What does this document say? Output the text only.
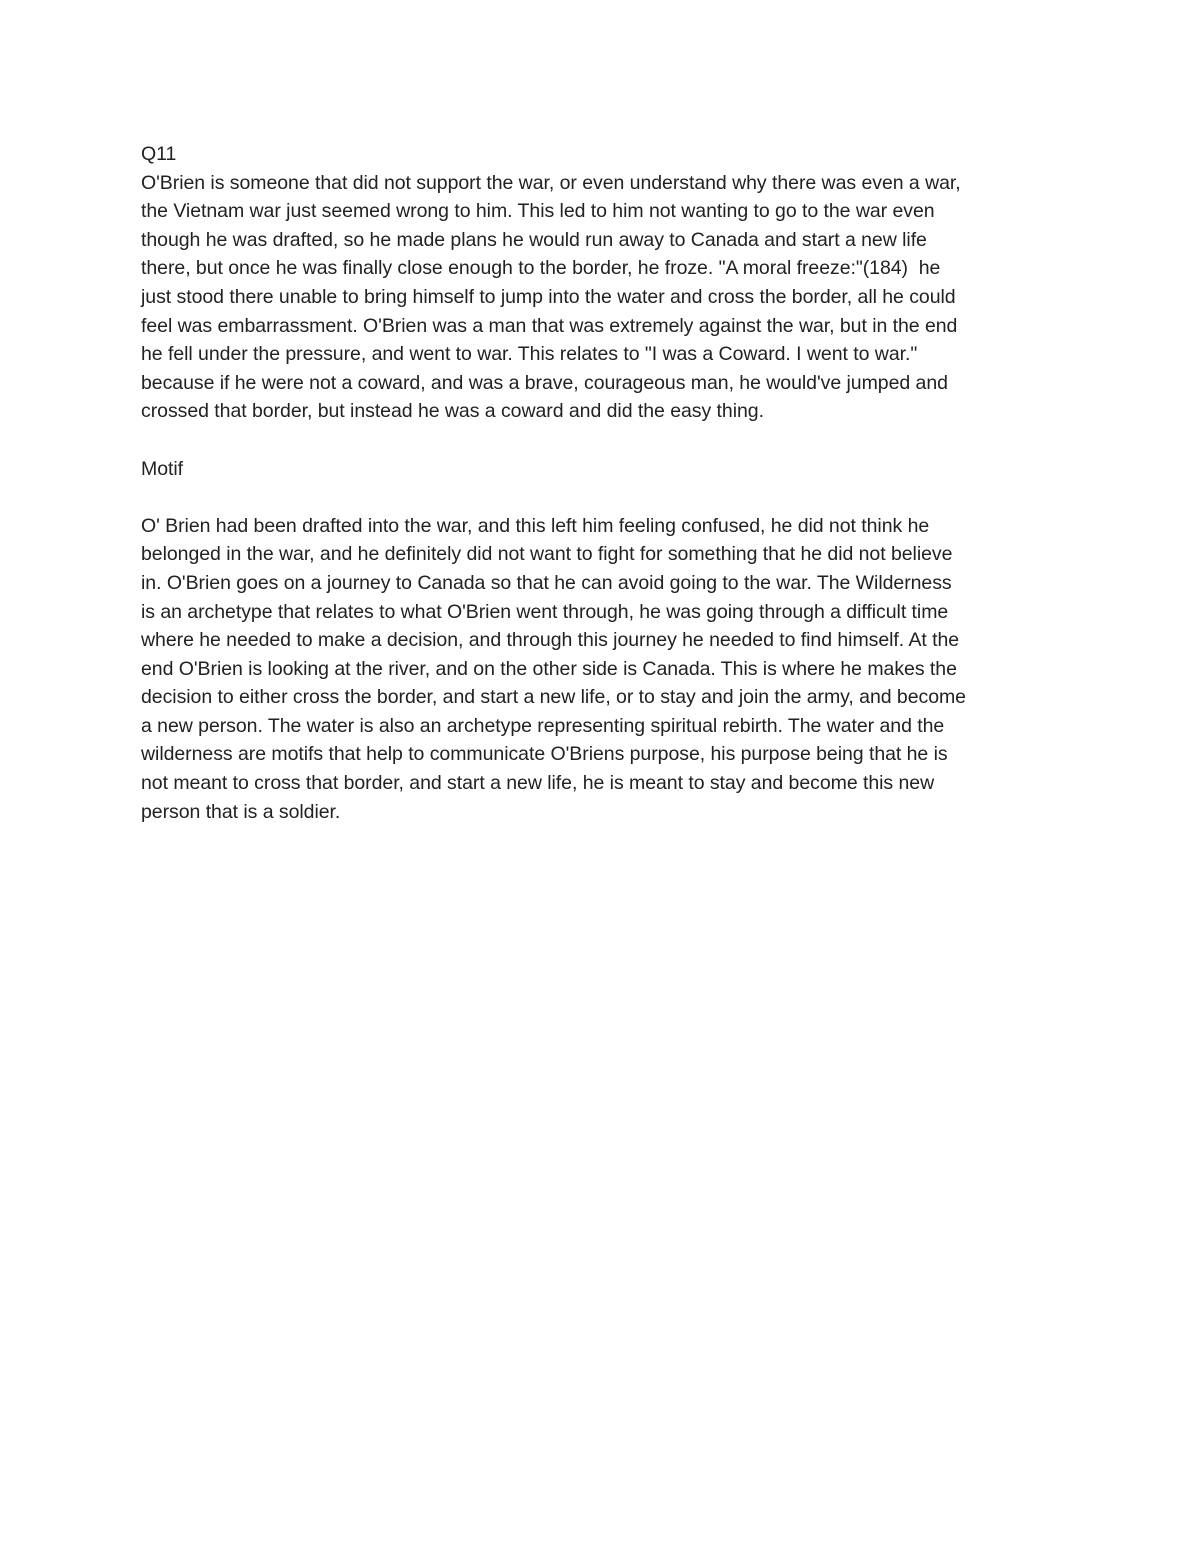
Q11
O'Brien is someone that did not support the war, or even understand why there was even a war,
the Vietnam war just seemed wrong to him. This led to him not wanting to go to the war even
though he was drafted, so he made plans he would run away to Canada and start a new life
there, but once he was finally close enough to the border, he froze. "A moral freeze:"(184)  he
just stood there unable to bring himself to jump into the water and cross the border, all he could
feel was embarrassment. O'Brien was a man that was extremely against the war, but in the end
he fell under the pressure, and went to war. This relates to "I was a Coward. I went to war."
because if he were not a coward, and was a brave, courageous man, he would've jumped and
crossed that border, but instead he was a coward and did the easy thing.
Motif
O' Brien had been drafted into the war, and this left him feeling confused, he did not think he
belonged in the war, and he definitely did not want to fight for something that he did not believe
in. O'Brien goes on a journey to Canada so that he can avoid going to the war. The Wilderness
is an archetype that relates to what O'Brien went through, he was going through a difficult time
where he needed to make a decision, and through this journey he needed to find himself. At the
end O'Brien is looking at the river, and on the other side is Canada. This is where he makes the
decision to either cross the border, and start a new life, or to stay and join the army, and become
a new person. The water is also an archetype representing spiritual rebirth. The water and the
wilderness are motifs that help to communicate O'Briens purpose, his purpose being that he is
not meant to cross that border, and start a new life, he is meant to stay and become this new
person that is a soldier.
